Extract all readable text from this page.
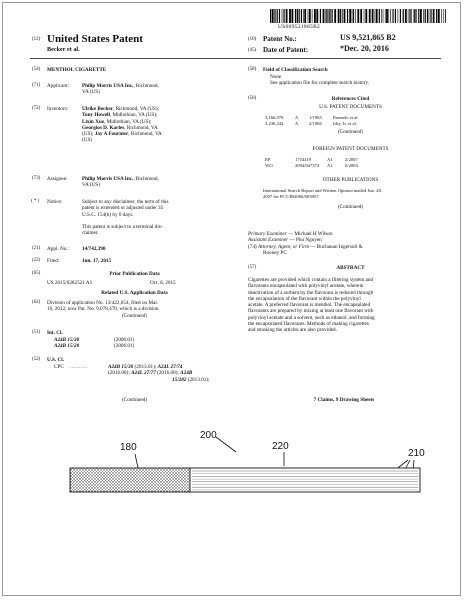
US009521865B2
(12) United States Patent
Becker et al.
(10) Patent No.:	US 9,521,865 B2
(45) Date of Patent:	*Dec. 20, 2016
(54) MENTHOL CIGARETTE
(71) Applicant:	Philip Morris USA Inc., Richmond,
VA (US)
(72) Inventors:	Ulrike Becker, Richmond, VA (US);
Tony Howell, Midlothian, VA (US);
Lixin Xue, Midlothian, VA (US);
Georgios D. Karles, Richmond, VA
(US); Jay A Fournier, Richmond, VA
(US)
(73) Assignee:	Philip Morris USA Inc., Richmond,
VA (US)
( * ) Notice:	Subject to any disclaimer, the term of this
patent is extended or adjusted under 35
U.S.C. 154(b) by 0 days.
This patent is subject to a terminal dis-
claimer.
(21) Appl. No.: 14/742,390
(22) Filed:	Jun. 17, 2015
(65)	Prior Publication Data
US 2015/0282521 A1	Oct. 8, 2015
Related U.S. Application Data
(62) Division of application No. 13/422,654, filed on Mar.
16, 2012, now Pat. No. 9,078,470, which is a division
(Continued)
(51) Int. Cl.
A24B 15/30	(2006.01)
A24B 15/28	(2006.01)
(52) U.S. Cl.
CPC ..........	A24B 15/30 (2013.01); A24L 27/74
(2016.08); A24L 27/77 (2016.08); A24B
15/282 (2013.01);
(Continued)
(58) Field of Classification Search
None
See application file for complete search history.
(56)	References Cited
U.S. PATENT DOCUMENTS
3,166,078	A 1/1965 Pasmelo et al.
3,236,244	A 2/1966 Irby, Jr. et al.
(Continued)
FOREIGN PATENT DOCUMENTS
EP	1754419	A1	2/2007
WO	2004/047572 A1	6/2004
OTHER PUBLICATIONS
International Search Report and Written Opinion mailed Jun. 28,
2007 for PCT/IB2006/003857.
(Continued)
Primary Examiner — Michael H Wilson
Assistant Examiner — Phu Nguyen
(74) Attorney, Agent, or Firm — Buchanan Ingersoll &
Rooney PC
(57)	ABSTRACT
Cigarettes are provided which contain a filtering system and
flavorants encapsulated with polyvinyl acetate, wherein
deactivation of a sorbent by the flavorant is reduced through
the encapsulation of the flavorant within the polyvinyl
acetate. A preferred flavorant is menthol. The encapsulated
flavorants are prepared by mixing at least one flavorant with
polyvinyl acetate and a solvent, such as ethanol, and forming
the encapsulated flavorants. Methods of making cigarettes
and smoking the articles are also provided.
7 Claims, 9 Drawing Sheets
200
220
180
210
